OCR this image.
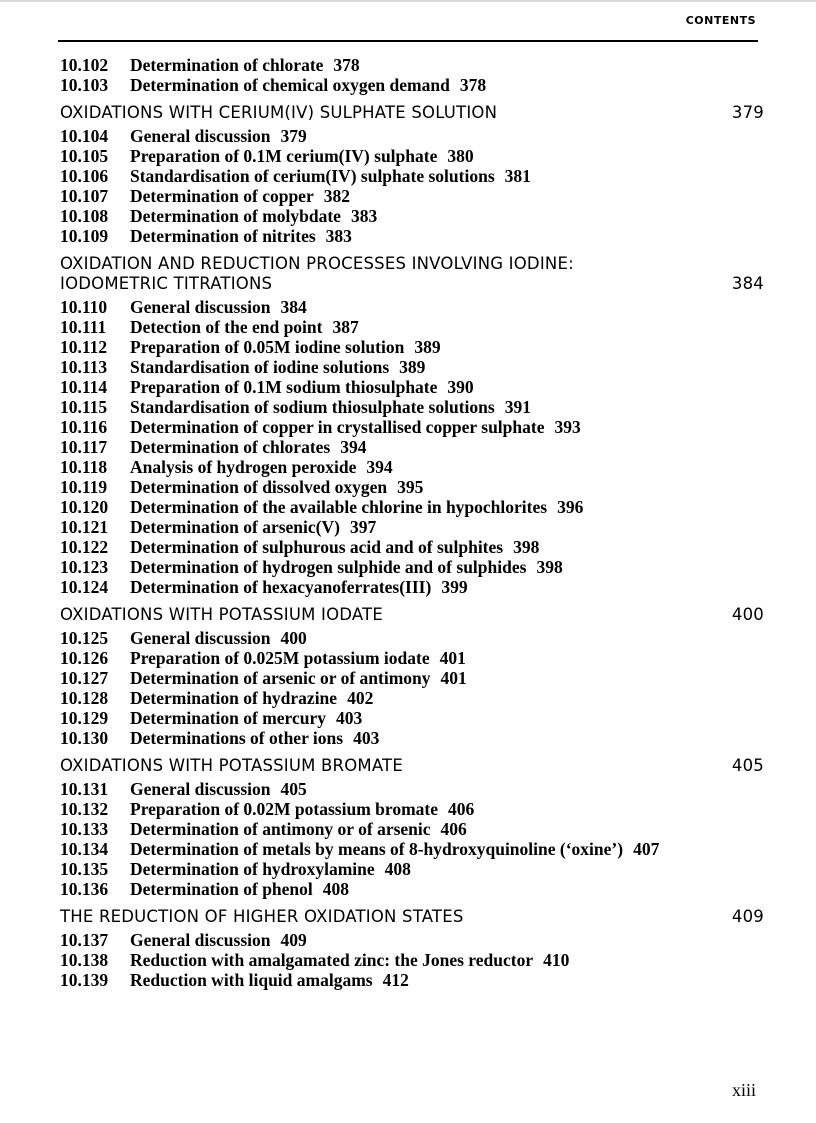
CONTENTS
10.102	Determination of chlorate 378
10.103	Determination of chemical oxygen demand 378
OXIDATIONS WITH CERIUM(IV) SULPHATE SOLUTION	379
10.104	General discussion 379
10.105	Preparation of 0.1M cerium(IV) sulphate 380
10.106	Standardisation of cerium(IV) sulphate solutions 381
10.107	Determination of copper 382
10.108	Determination of molybdate 383
10.109	Determination of nitrites 383
OXIDATION AND REDUCTION PROCESSES INVOLVING IODINE:
IODOMETRIC TITRATIONS	384
10.110	General discussion 384
10.111	Detection of the end point 387
10.112	Preparation of 0.05M iodine solution 389
10.113	Standardisation of iodine solutions 389
10.114	Preparation of 0.1M sodium thiosulphate 390
10.115	Standardisation of sodium thiosulphate solutions 391
10.116	Determination of copper in crystallised copper sulphate 393
10.117	Determination of chlorates 394
10.118	Analysis of hydrogen peroxide 394
10.119	Determination of dissolved oxygen 395
10.120	Determination of the available chlorine in hypochlorites 396
10.121	Determination of arsenic(V) 397
10.122	Determination of sulphurous acid and of sulphites 398
10.123	Determination of hydrogen sulphide and of sulphides 398
10.124	Determination of hexacyanoferrates(III) 399
OXIDATIONS WITH POTASSIUM IODATE	400
10.125	General discussion 400
10.126	Preparation of 0.025M potassium iodate 401
10.127	Determination of arsenic or of antimony 401
10.128	Determination of hydrazine 402
10.129	Determination of mercury 403
10.130	Determinations of other ions 403
OXIDATIONS WITH POTASSIUM BROMATE	405
10.131	General discussion 405
10.132	Preparation of 0.02M potassium bromate 406
10.133	Determination of antimony or of arsenic 406
10.134	Determination of metals by means of 8-hydroxyquinoline (‘oxine’) 407
10.135	Determination of hydroxylamine 408
10.136	Determination of phenol 408
THE REDUCTION OF HIGHER OXIDATION STATES	409
10.137	General discussion 409
10.138	Reduction with amalgamated zinc: the Jones reductor 410
10.139	Reduction with liquid amalgams 412
xiii
